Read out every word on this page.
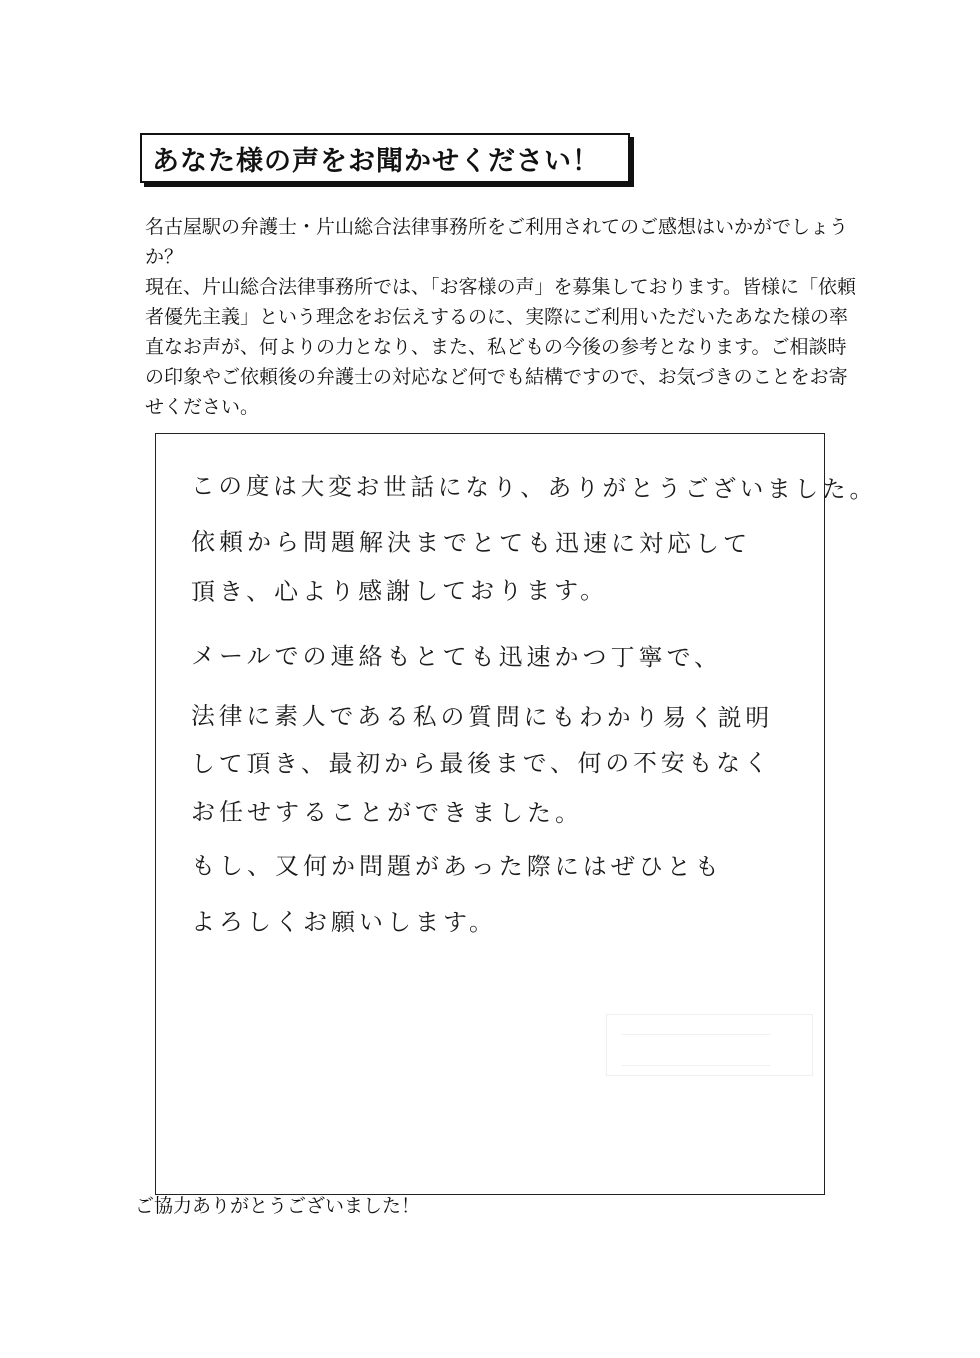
あなた様の声をお聞かせください！

名古屋駅の弁護士・片山総合法律事務所をご利用されてのご感想はいかがでしょうか？

現在、片山総合法律事務所では、「お客様の声」を募集しております。皆様に「依頼者優先主義」という理念をお伝えするのに、実際にご利用いただいたあなた様の率直なお声が、何よりの力となり、また、私どもの今後の参考となります。ご相談時の印象やご依頼後の弁護士の対応など何でも結構ですので、お気づきのことをお寄せください。

この度は大変お世話になり、ありがとうございました。
依頼から問題解決までとても迅速に対応して
頂き、心より感謝しております。
メールでの連絡もとても迅速かつ丁寧で、
法律に素人である私の質問にもわかり易く説明
して頂き、最初から最後まで、何の不安もなく
お任せすることができました。
もし、又何か問題があった際にはぜひとも
よろしくお願いします。
ご協力ありがとうございました！
